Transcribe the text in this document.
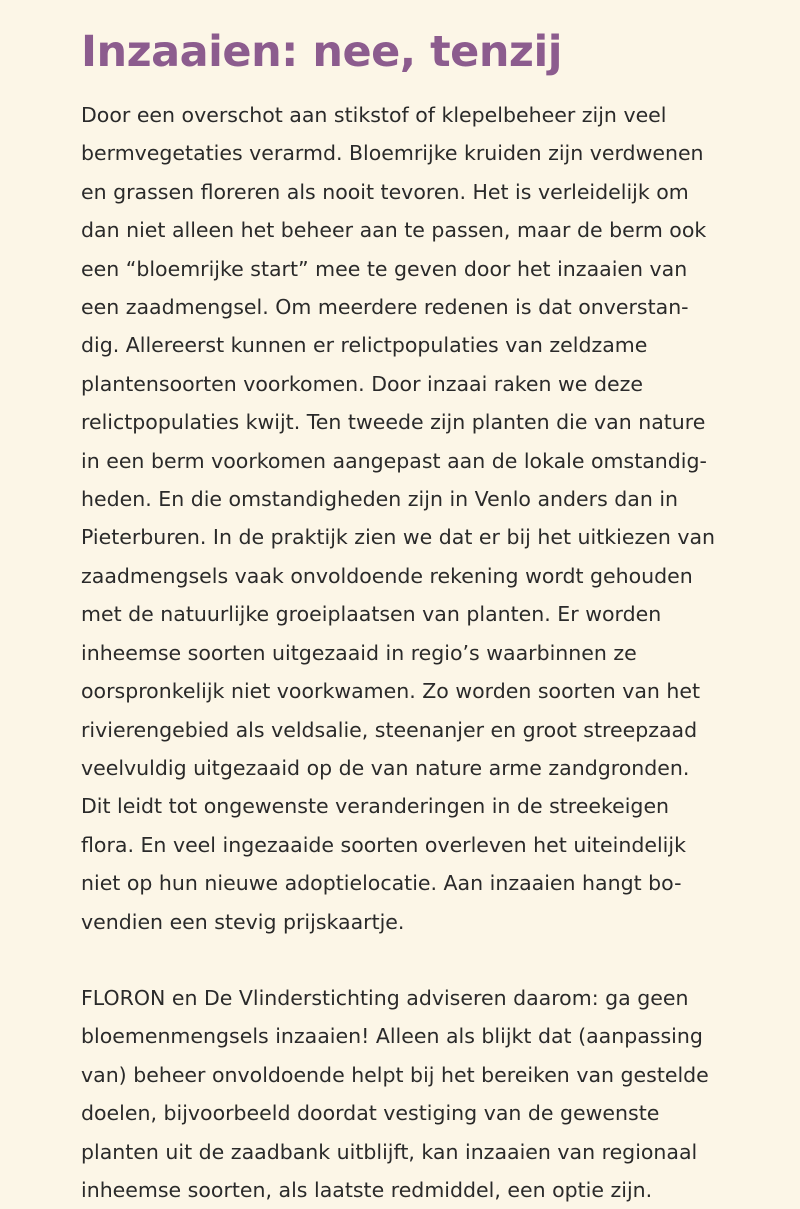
Inzaaien: nee, tenzij
Door een overschot aan stikstof of klepelbeheer zijn veel
bermvegetaties verarmd. Bloemrijke kruiden zijn verdwenen
en grassen floreren als nooit tevoren. Het is verleidelijk om
dan niet alleen het beheer aan te passen, maar de berm ook
een “bloemrijke start” mee te geven door het inzaaien van
een zaadmengsel. Om meerdere redenen is dat onverstan-
dig. Allereerst kunnen er relictpopulaties van zeldzame
plantensoorten voorkomen. Door inzaai raken we deze
relictpopulaties kwijt. Ten tweede zijn planten die van nature
in een berm voorkomen aangepast aan de lokale omstandig-
heden. En die omstandigheden zijn in Venlo anders dan in
Pieterburen. In de praktijk zien we dat er bij het uitkiezen van
zaadmengsels vaak onvoldoende rekening wordt gehouden
met de natuurlijke groeiplaatsen van planten. Er worden
inheemse soorten uitgezaaid in regio’s waarbinnen ze
oorspronkelijk niet voorkwamen. Zo worden soorten van het
rivierengebied als veldsalie, steenanjer en groot streepzaad
veelvuldig uitgezaaid op de van nature arme zandgronden.
Dit leidt tot ongewenste veranderingen in de streekeigen
flora. En veel ingezaaide soorten overleven het uiteindelijk
niet op hun nieuwe adoptielocatie. Aan inzaaien hangt bo-
vendien een stevig prijskaartje.
FLORON en De Vlinderstichting adviseren daarom: ga geen
bloemenmengsels inzaaien! Alleen als blijkt dat (aanpassing
van) beheer onvoldoende helpt bij het bereiken van gestelde
doelen, bijvoorbeeld doordat vestiging van de gewenste
planten uit de zaadbank uitblijft, kan inzaaien van regionaal
inheemse soorten, als laatste redmiddel, een optie zijn.
